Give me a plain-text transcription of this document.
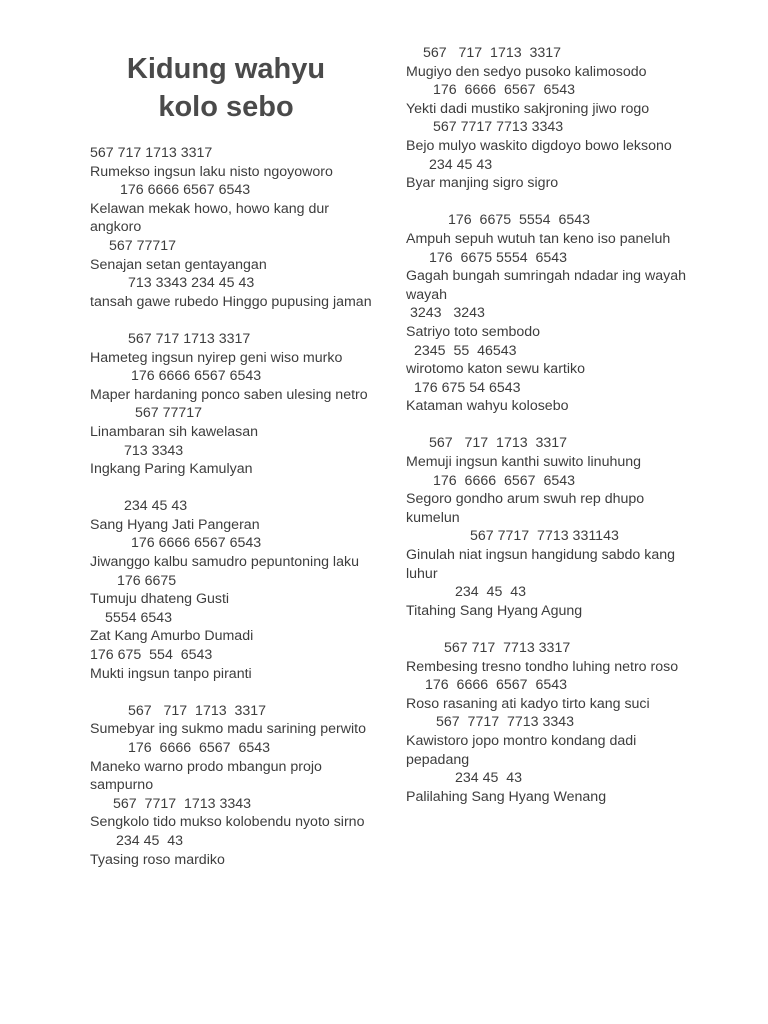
Kidung wahyu
kolo sebo
567 717 1713 3317
Rumekso ingsun laku nisto ngoyoworo
176 6666 6567 6543
Kelawan mekak howo, howo kang dur angkoro
567 77717
Senajan setan gentayangan
713 3343 234 45 43
tansah gawe rubedo Hinggo pupusing jaman

567 717 1713 3317
Hameteg ingsun nyirep geni wiso murko
176 6666 6567 6543
Maper hardaning ponco saben ulesing netro
567 77717
Linambaran sih kawelasan
713 3343
Ingkang Paring Kamulyan

234 45 43
Sang Hyang Jati Pangeran
176 6666 6567 6543
Jiwanggo kalbu samudro pepuntoning laku
176 6675
Tumuju dhateng Gusti
5554 6543
Zat Kang Amurbo Dumadi
176 675  554  6543
Mukti ingsun tanpo piranti

567   717  1713  3317
Sumebyar ing sukmo madu sarining perwito
176  6666  6567  6543
Maneko warno prodo mbangun projo sampurno
567  7717  1713 3343
Sengkolo tido mukso kolobendu nyoto sirno
234 45  43
Tyasing roso mardiko
567   717  1713  3317
Mugiyo den sedyo pusoko kalimosodo
176  6666  6567  6543
Yekti dadi mustiko sakjroning jiwo rogo
567 7717 7713 3343
Bejo mulyo waskito digdoyo bowo leksono
234 45 43
Byar manjing sigro sigro

176  6675  5554  6543
Ampuh sepuh wutuh tan keno iso paneluh
176  6675 5554  6543
Gagah bungah sumringah ndadar ing wayah wayah
3243   3243
Satriyo toto sembodo
2345  55  46543
wirotomo katon sewu kartiko
176 675 54 6543
Kataman wahyu kolosebo

567   717  1713  3317
Memuji ingsun kanthi suwito linuhung
176  6666  6567  6543
Segoro gondho arum swuh rep dhupo kumelun
567 7717  7713 331143
Ginulah niat ingsun hangidung sabdo kang luhur
234  45  43
Titahing Sang Hyang Agung

567 717  7713 3317
Rembesing tresno tondho luhing netro roso
176  6666  6567  6543
Roso rasaning ati kadyo tirto kang suci
567  7717  7713 3343
Kawistoro jopo montro kondang dadi pepadang
234 45  43
Palilahing Sang Hyang Wenang
